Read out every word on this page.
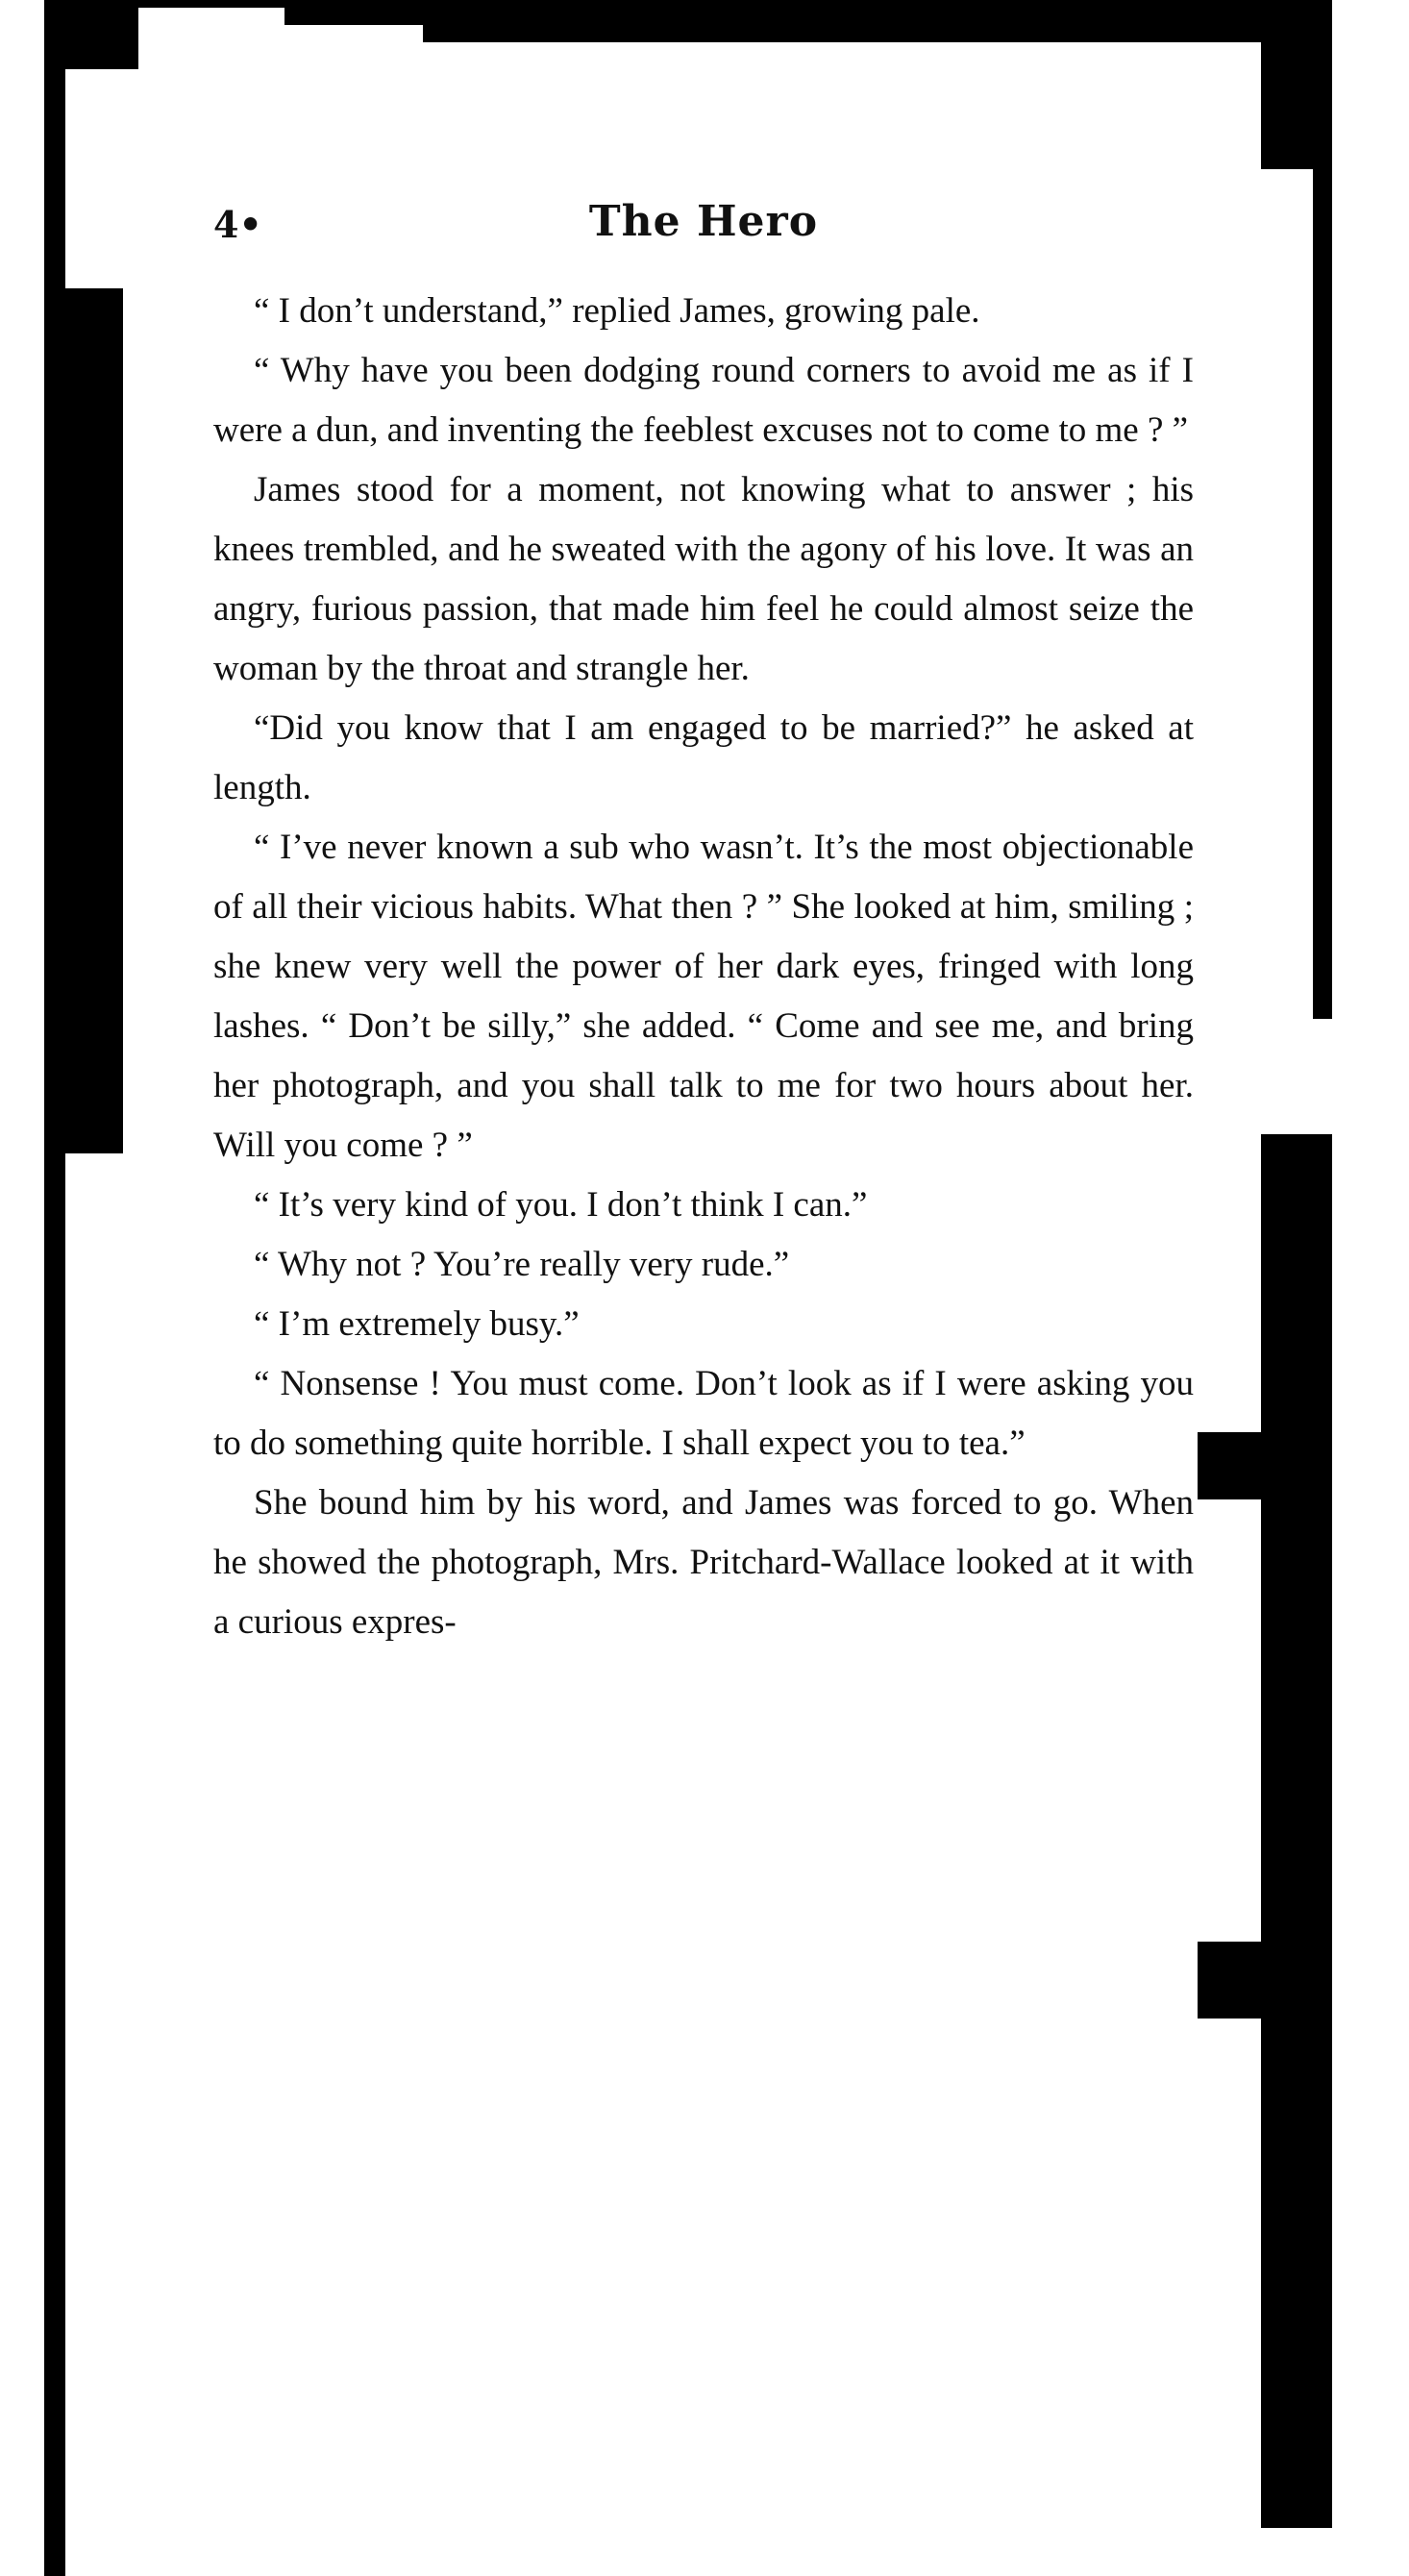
4•	The Hero

“ I don’t understand,” replied James, growing pale.

“ Why have you been dodging round corners to avoid me as if I were a dun, and inventing the feeblest excuses not to come to me ? ”

James stood for a moment, not knowing what to answer ; his knees trembled, and he sweated with the agony of his love. It was an angry, furious passion, that made him feel he could almost seize the woman by the throat and strangle her.

“Did you know that I am engaged to be married?” he asked at length.

“ I’ve never known a sub who wasn’t. It’s the most objectionable of all their vicious habits. What then ? ” She looked at him, smiling ; she knew very well the power of her dark eyes, fringed with long lashes. “ Don’t be silly,” she added. “ Come and see me, and bring her photograph, and you shall talk to me for two hours about her. Will you come ? ”

“ It’s very kind of you. I don’t think I can.”

“ Why not ? You’re really very rude.”

“ I’m extremely busy.”

“ Nonsense ! You must come. Don’t look as if I were asking you to do something quite horrible. I shall expect you to tea.”

She bound him by his word, and James was forced to go. When he showed the photograph, Mrs. Pritchard-Wallace looked at it with a curious expres-
